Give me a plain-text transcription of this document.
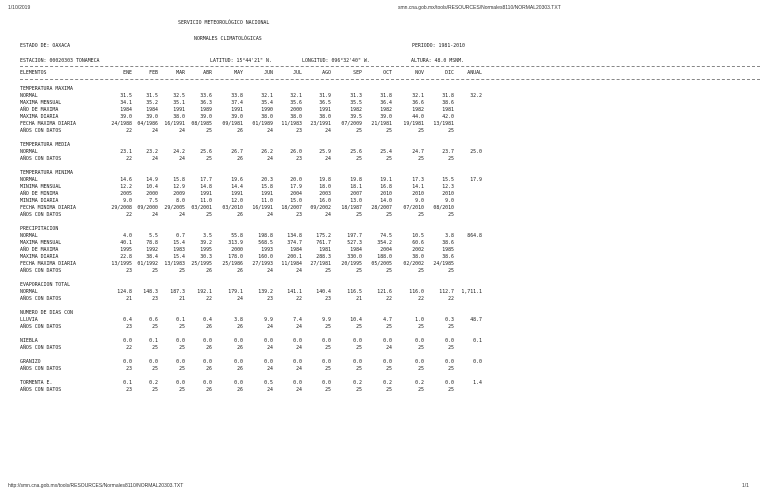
1/10/2019	smn.cna.gob.mx/tools/RESOURCES/Normales8110/NORMAL20303.TXT
SERVICIO METEOROLÓGICO NACIONAL
NORMALES CLIMATOLÓGICAS
ESTADO DE: OAXACA	PERIODO: 1981-2010
ESTACION: 00020303 TONAMECA	LATITUD: 15°44'21" N.	LONGITUD: 096°32'40" W.	ALTURA: 48.0 MSNM.
ELEMENTOS	ENE	FEB	MAR	ABR	MAY	JUN	JUL	AGO	SEP	OCT	NOV	DIC	ANUAL
TEMPERATURA MAXIMA
NORMAL	31.5	31.5	32.5	33.6	33.8	32.1	32.1	31.9	31.3	31.8	32.1	31.8	32.2
MAXIMA MENSUAL	34.1	35.2	35.1	36.3	37.4	35.4	35.6	36.5	35.5	36.4	36.6	38.6
AÑO DE MAXIMA	1984	1984	1991	1989	1991	1990	2000	1991	1982	1982	1982	1981
MAXIMA DIARIA	39.0	39.0	38.0	39.0	39.0	38.0	38.0	38.0	39.5	39.0	44.0	42.0
FECHA MAXIMA DIARIA	24/1988	04/1986	16/1991	08/1985	09/1981	01/1989	11/1983	23/1991	07/2009	21/1981	19/1981	13/1981
AÑOS CON DATOS	22	24	24	25	26	24	23	24	25	25	25	25
TEMPERATURA MEDIA
NORMAL	23.1	23.2	24.2	25.6	26.7	26.2	26.0	25.9	25.6	25.4	24.7	23.7	25.0
AÑOS CON DATOS	22	24	24	25	26	24	23	24	25	25	25	25
TEMPERATURA MINIMA
NORMAL	14.6	14.9	15.8	17.7	19.6	20.3	20.0	19.8	19.8	19.1	17.3	15.5	17.9
MINIMA MENSUAL	12.2	10.4	12.9	14.8	14.4	15.8	17.9	18.0	18.1	16.8	14.1	12.3
AÑO DE MINIMA	2005	2000	2009	1991	1991	1991	2004	2003	2007	2010	2010	2010
MINIMA DIARIA	9.0	7.5	8.0	11.0	12.0	11.0	15.0	16.0	13.0	14.0	9.0	9.0
FECHA MINIMA DIARIA	29/2008	09/2000	29/2005	03/2001	03/2010	16/1991	18/2007	09/2002	18/1987	28/2007	07/2010	08/2010
AÑOS CON DATOS	22	24	24	25	26	24	23	24	25	25	25	25
PRECIPITACION
NORMAL	4.0	5.5	0.7	3.5	55.8	198.8	134.8	175.2	197.7	74.5	10.5	3.8	864.8
MAXIMA MENSUAL	40.1	78.8	15.4	39.2	313.9	568.5	374.7	761.7	527.3	354.2	60.6	38.6
AÑO DE MAXIMA	1995	1992	1983	1995	2000	1993	1984	1981	1984	2004	2002	1985
MAXIMA DIARIA	22.8	38.4	15.4	30.3	178.0	160.0	200.1	288.3	330.0	188.0	38.0	38.6
FECHA MAXIMA DIARIA	13/1995	01/1992	13/1983	25/1995	25/1986	27/1993	11/1984	27/1981	20/1995	05/2005	02/2002	24/1985
AÑOS CON DATOS	23	25	25	26	26	24	24	25	25	25	25	25
EVAPORACION TOTAL
NORMAL	124.8	148.3	187.3	192.1	179.1	139.2	141.1	140.4	116.5	121.6	116.0	112.7	1,711.1
AÑOS CON DATOS	21	23	21	22	24	23	22	23	21	22	22	22
NUMERO DE DIAS CON
LLUVIA	0.4	0.6	0.1	0.4	3.8	9.9	7.4	9.9	10.4	4.7	1.0	0.3	48.7
AÑOS CON DATOS	23	25	25	26	26	24	24	25	25	25	25	25
NIEBLA	0.0	0.1	0.0	0.0	0.0	0.0	0.0	0.0	0.0	0.0	0.0	0.0	0.1
AÑOS CON DATOS	22	25	25	26	26	24	24	25	25	24	25	25
GRANIZO	0.0	0.0	0.0	0.0	0.0	0.0	0.0	0.0	0.0	0.0	0.0	0.0	0.0
AÑOS CON DATOS	23	25	25	26	26	24	24	25	25	25	25	25
TORMENTA E.	0.1	0.2	0.0	0.0	0.0	0.5	0.0	0.0	0.2	0.2	0.2	0.0	1.4
AÑOS CON DATOS	23	25	25	26	26	24	24	25	25	25	25	25
http://smn.cna.gob.mx/tools/RESOURCES/Normales8110/NORMAL20303.TXT	1/1
